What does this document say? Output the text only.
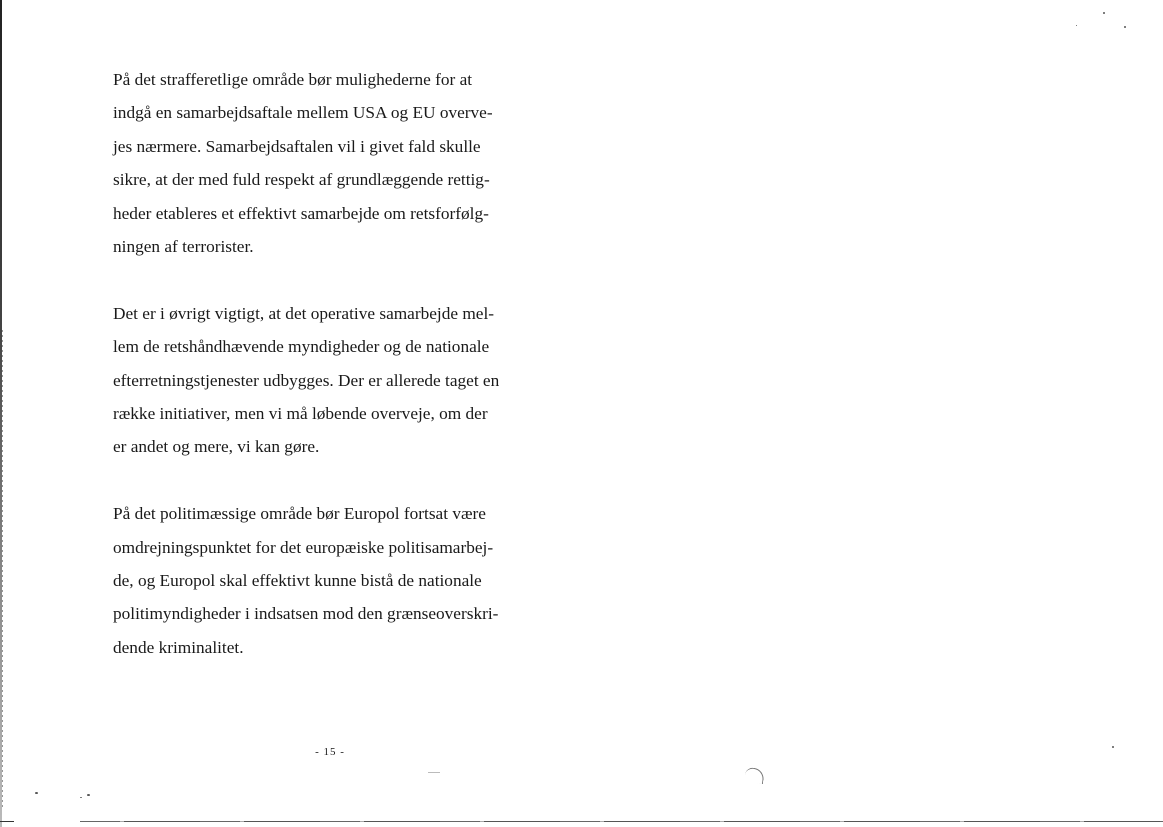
På det strafferetlige område bør mulighederne for at
indgå en samarbejdsaftale mellem USA og EU overve-
jes nærmere. Samarbejdsaftalen vil i givet fald skulle
sikre, at der med fuld respekt af grundlæggende rettig-
heder etableres et effektivt samarbejde om retsforfølg-
ningen af terrorister.

Det er i øvrigt vigtigt, at det operative samarbejde mel-
lem de retshåndhævende myndigheder og de nationale
efterretningstjenester udbygges. Der er allerede taget en
række initiativer, men vi må løbende overveje, om der
er andet og mere, vi kan gøre.

På det politimæssige område bør Europol fortsat være
omdrejningspunktet for det europæiske politisamarbej-
de, og Europol skal effektivt kunne bistå de nationale
politimyndigheder i indsatsen mod den grænseoverskri-
dende kriminalitet.

- 15 -
